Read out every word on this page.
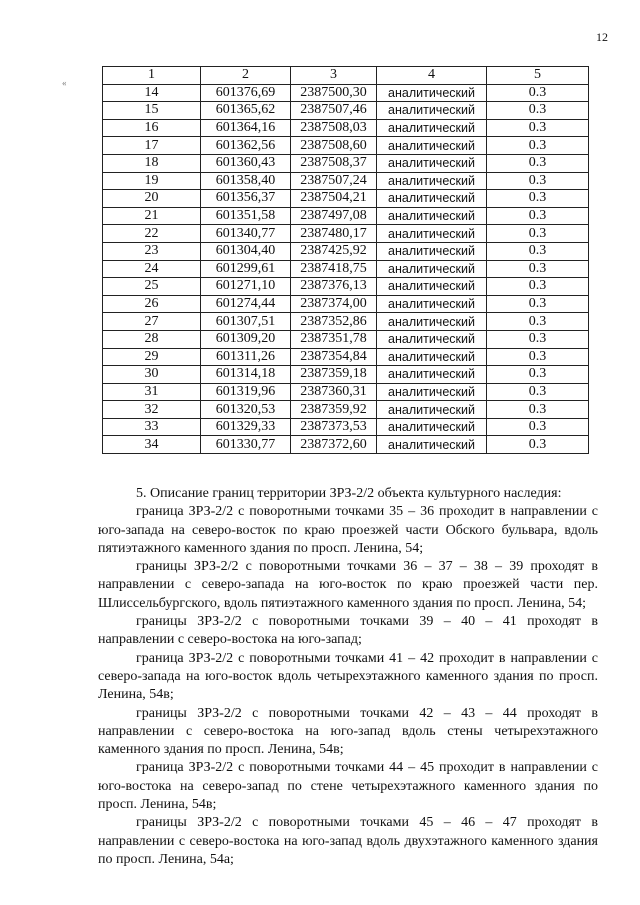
12
«
1	2	3	4	5
14	601376,69	2387500,30	аналитический	0.3
15	601365,62	2387507,46	аналитический	0.3
16	601364,16	2387508,03	аналитический	0.3
17	601362,56	2387508,60	аналитический	0.3
18	601360,43	2387508,37	аналитический	0.3
19	601358,40	2387507,24	аналитический	0.3
20	601356,37	2387504,21	аналитический	0.3
21	601351,58	2387497,08	аналитический	0.3
22	601340,77	2387480,17	аналитический	0.3
23	601304,40	2387425,92	аналитический	0.3
24	601299,61	2387418,75	аналитический	0.3
25	601271,10	2387376,13	аналитический	0.3
26	601274,44	2387374,00	аналитический	0.3
27	601307,51	2387352,86	аналитический	0.3
28	601309,20	2387351,78	аналитический	0.3
29	601311,26	2387354,84	аналитический	0.3
30	601314,18	2387359,18	аналитический	0.3
31	601319,96	2387360,31	аналитический	0.3
32	601320,53	2387359,92	аналитический	0.3
33	601329,33	2387373,53	аналитический	0.3
34	601330,77	2387372,60	аналитический	0.3

5. Описание границ территории ЗРЗ-2/2 объекта культурного наследия:

граница ЗРЗ-2/2 с поворотными точками 35 – 36 проходит в направлении с юго-запада на северо-восток по краю проезжей части Обского бульвара, вдоль пятиэтажного каменного здания по просп. Ленина, 54;

границы ЗРЗ-2/2 с поворотными точками 36 – 37 – 38 – 39 проходят в направлении с северо-запада на юго-восток по краю проезжей части пер. Шлиссельбургского, вдоль пятиэтажного каменного здания по просп. Ленина, 54;

границы ЗРЗ-2/2 с поворотными точками 39 – 40 – 41 проходят в направлении с северо-востока на юго-запад;

граница ЗРЗ-2/2 с поворотными точками 41 – 42 проходит в направлении с северо-запада на юго-восток вдоль четырехэтажного каменного здания по просп. Ленина, 54в;

границы ЗРЗ-2/2 с поворотными точками 42 – 43 – 44 проходят в направлении с северо-востока на юго-запад вдоль стены четырехэтажного каменного здания по просп. Ленина, 54в;

граница ЗРЗ-2/2 с поворотными точками 44 – 45 проходит в направлении с юго-востока на северо-запад по стене четырехэтажного каменного здания по просп. Ленина, 54в;

границы ЗРЗ-2/2 с поворотными точками 45 – 46 – 47 проходят в направлении с северо-востока на юго-запад вдоль двухэтажного каменного здания по просп. Ленина, 54а;
